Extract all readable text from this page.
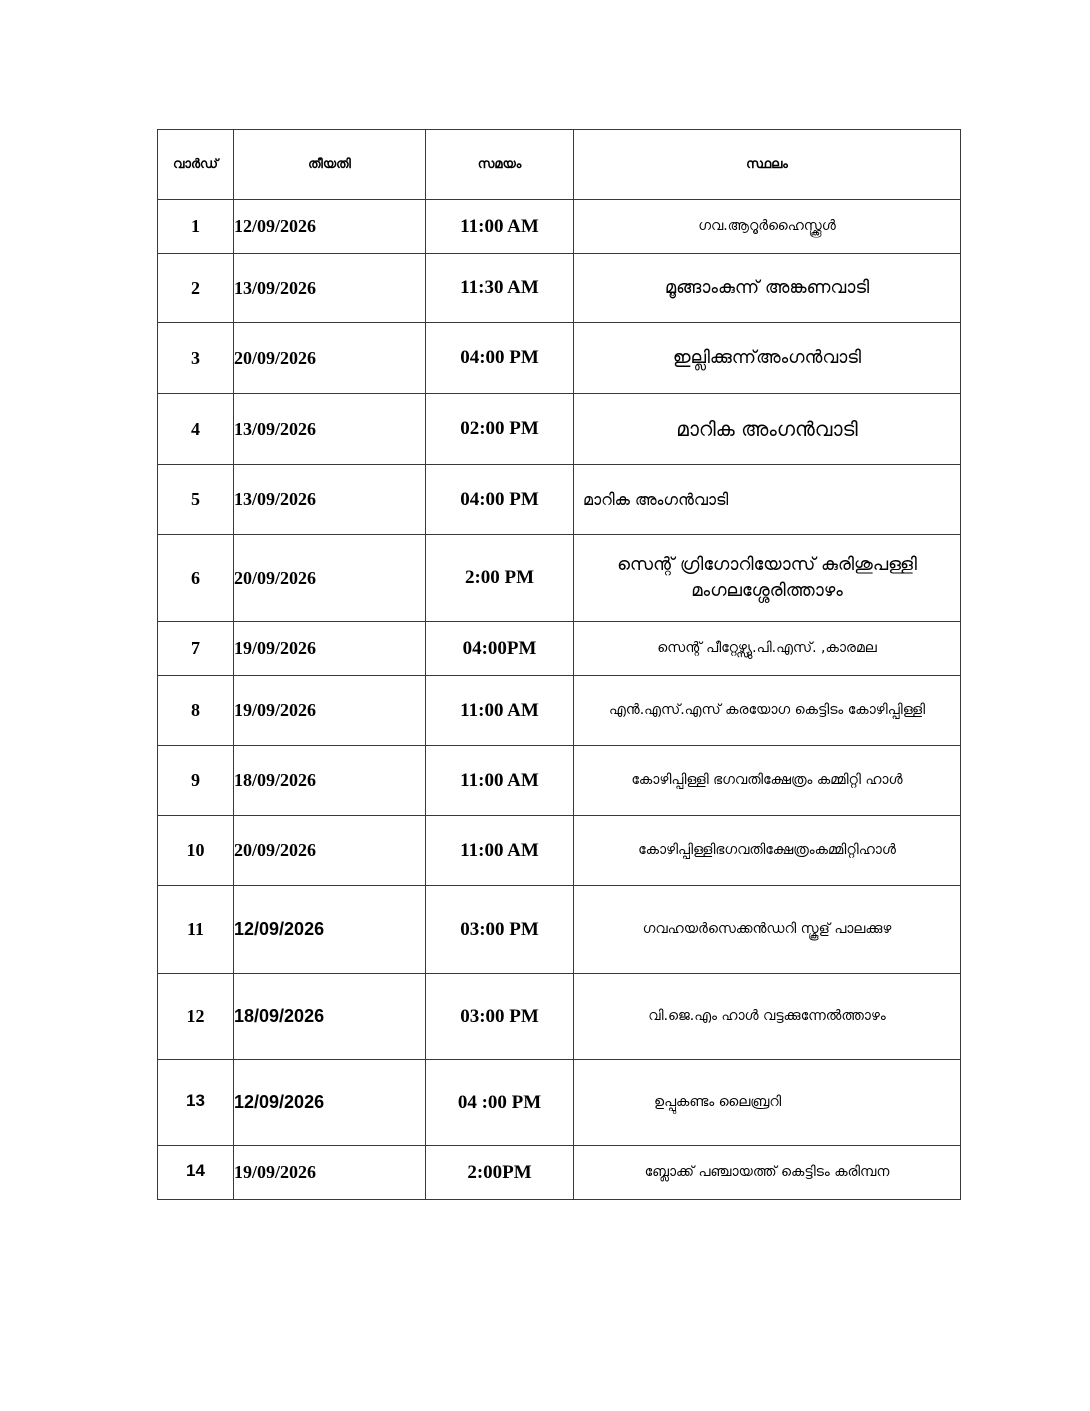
വാർഡ്	തീയതി	സമയം	സ്ഥലം
1	12/09/2026	11:00 AM	ഗവ.ആറൂർഹൈസ്ക്കൂൾ
2	13/09/2026	11:30 AM	മൂങ്ങാംകുന്ന് അങ്കണവാടി
3	20/09/2026	04:00 PM	ഇല്ലിക്കുന്ന്അംഗൻവാടി
4	13/09/2026	02:00 PM	മാറിക അംഗൻവാടി
5	13/09/2026	04:00 PM	മാറിക അംഗൻവാടി
6	20/09/2026	2:00 PM	സെന്റ് ഗ്രിഗോറിയോസ് കുരിശുപള്ളി
മംഗലശ്ശേരിത്താഴം

7	19/09/2026	04:00PM	സെന്റ് പീറ്റേഴ്സ്യു.പി.എസ്. ,കാരമല
8	19/09/2026	11:00 AM	എൻ.എസ്.എസ് കരയോഗ കെട്ടിടം കോഴിപ്പിള്ളി
9	18/09/2026	11:00 AM	കോഴിപ്പിള്ളി ഭഗവതിക്ഷേത്രം കമ്മിറ്റി ഹാൾ
10	20/09/2026	11:00 AM	കോഴിപ്പിള്ളിഭഗവതിക്ഷേത്രംകമ്മിറ്റിഹാൾ
11	12/09/2026	03:00 PM	ഗവഹയർസെക്കൻഡറി സ്കൂള് പാലക്കുഴ
12	18/09/2026	03:00 PM	വി.ജെ.എം ഹാൾ വട്ടക്കുന്നേൽത്താഴം
13	12/09/2026	04 :00 PM	ഉപ്പുകണ്ടം ലൈബ്രറി
14	19/09/2026	2:00PM	ബ്ലോക്ക് പഞ്ചായത്ത് കെട്ടിടം കരിമ്പന
